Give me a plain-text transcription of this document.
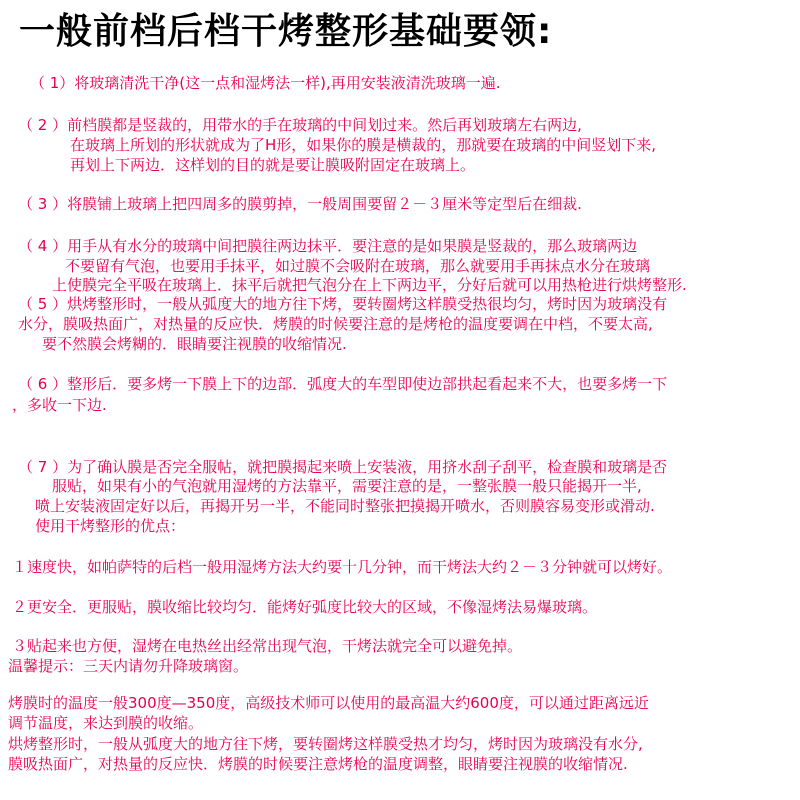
一般前档后档干烤整形基础要领:

（ 1）将玻璃清洗干净(这一点和湿烤法一样),再用安装液清洗玻璃一遍.

（ 2 ）前档膜都是竖裁的，用带水的手在玻璃的中间划过来。然后再划玻璃左右两边,

在玻璃上所划的形状就成为了H形，如果你的膜是横裁的，那就要在玻璃的中间竖划下来,

再划上下两边．这样划的目的就是要让膜吸附固定在玻璃上。

（ 3 ）将膜铺上玻璃上把四周多的膜剪掉，一般周围要留２－３厘米等定型后在细裁.

（ 4 ）用手从有水分的玻璃中间把膜往两边抹平．要注意的是如果膜是竖裁的，那么玻璃两边

不要留有气泡，也要用手抹平，如过膜不会吸附在玻璃，那么就要用手再抹点水分在玻璃

上使膜完全平吸在玻璃上．抹平后就把气泡分在上下两边平，分好后就可以用热枪进行烘烤整形.

（ 5 ）烘烤整形时，一般从弧度大的地方往下烤，要转圈烤这样膜受热很均匀，烤时因为玻璃没有

水分，膜吸热面广，对热量的反应快．烤膜的时候要注意的是烤枪的温度要调在中档，不要太高,

要不然膜会烤糊的．眼睛要注视膜的收缩情况.

（ 6 ）整形后．要多烤一下膜上下的边部．弧度大的车型即使边部拱起看起来不大，也要多烤一下

，多收一下边.

（ 7 ）为了确认膜是否完全服帖，就把膜揭起来喷上安装液，用挤水刮子刮平，检查膜和玻璃是否

服贴，如果有小的气泡就用湿烤的方法靠平，需要注意的是，一整张膜一般只能揭开一半,

喷上安装液固定好以后，再揭开另一半，不能同时整张把摸揭开喷水，否则膜容易变形或滑动.

使用干烤整形的优点：

１速度快，如帕萨特的后档一般用湿烤方法大约要十几分钟，而干烤法大约２－３分钟就可以烤好。

２更安全．更服贴，膜收缩比较均匀．能烤好弧度比较大的区域，不像湿烤法易爆玻璃。

３贴起来也方便，湿烤在电热丝出经常出现气泡，干烤法就完全可以避免掉。

温馨提示：三天内请勿升降玻璃窗。

烤膜时的温度一般300度—350度，高级技术师可以使用的最高温大约600度，可以通过距离远近

调节温度，来达到膜的收缩。

烘烤整形时，一般从弧度大的地方往下烤，要转圈烤这样膜受热才均匀，烤时因为玻璃没有水分,

膜吸热面广，对热量的反应快．烤膜的时候要注意烤枪的温度调整，眼睛要注视膜的收缩情况.
